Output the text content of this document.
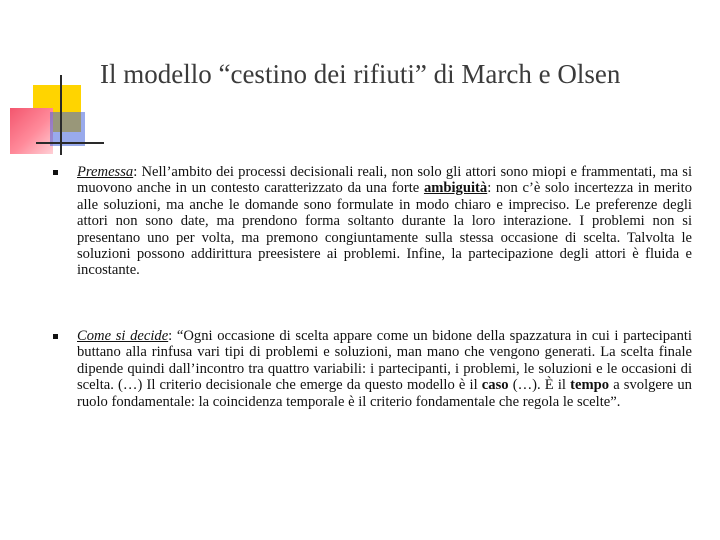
Il modello “cestino dei rifiuti” di March e Olsen

Premessa: Nell’ambito dei processi decisionali reali, non solo gli attori sono miopi e frammentati, ma si muovono anche in un contesto caratterizzato da una forte ambiguità: non c’è solo incertezza in merito alle soluzioni, ma anche le domande sono formulate in modo chiaro e impreciso. Le preferenze degli attori non sono date, ma prendono forma soltanto durante la loro interazione. I problemi non si presentano uno per volta, ma premono congiuntamente sulla stessa occasione di scelta. Talvolta le soluzioni possono addirittura preesistere ai problemi. Infine, la partecipazione degli attori è fluida e incostante.

Come si decide: “Ogni occasione di scelta appare come un bidone della spazzatura in cui i partecipanti buttano alla rinfusa vari tipi di problemi e soluzioni, man mano che vengono generati. La scelta finale dipende quindi dall’incontro tra quattro variabili: i partecipanti, i problemi, le soluzioni e le occasioni di scelta. (…) Il criterio decisionale che emerge da questo modello è il caso (…). È il tempo a svolgere un ruolo fondamentale: la coincidenza temporale è il criterio fondamentale che regola le scelte”.
